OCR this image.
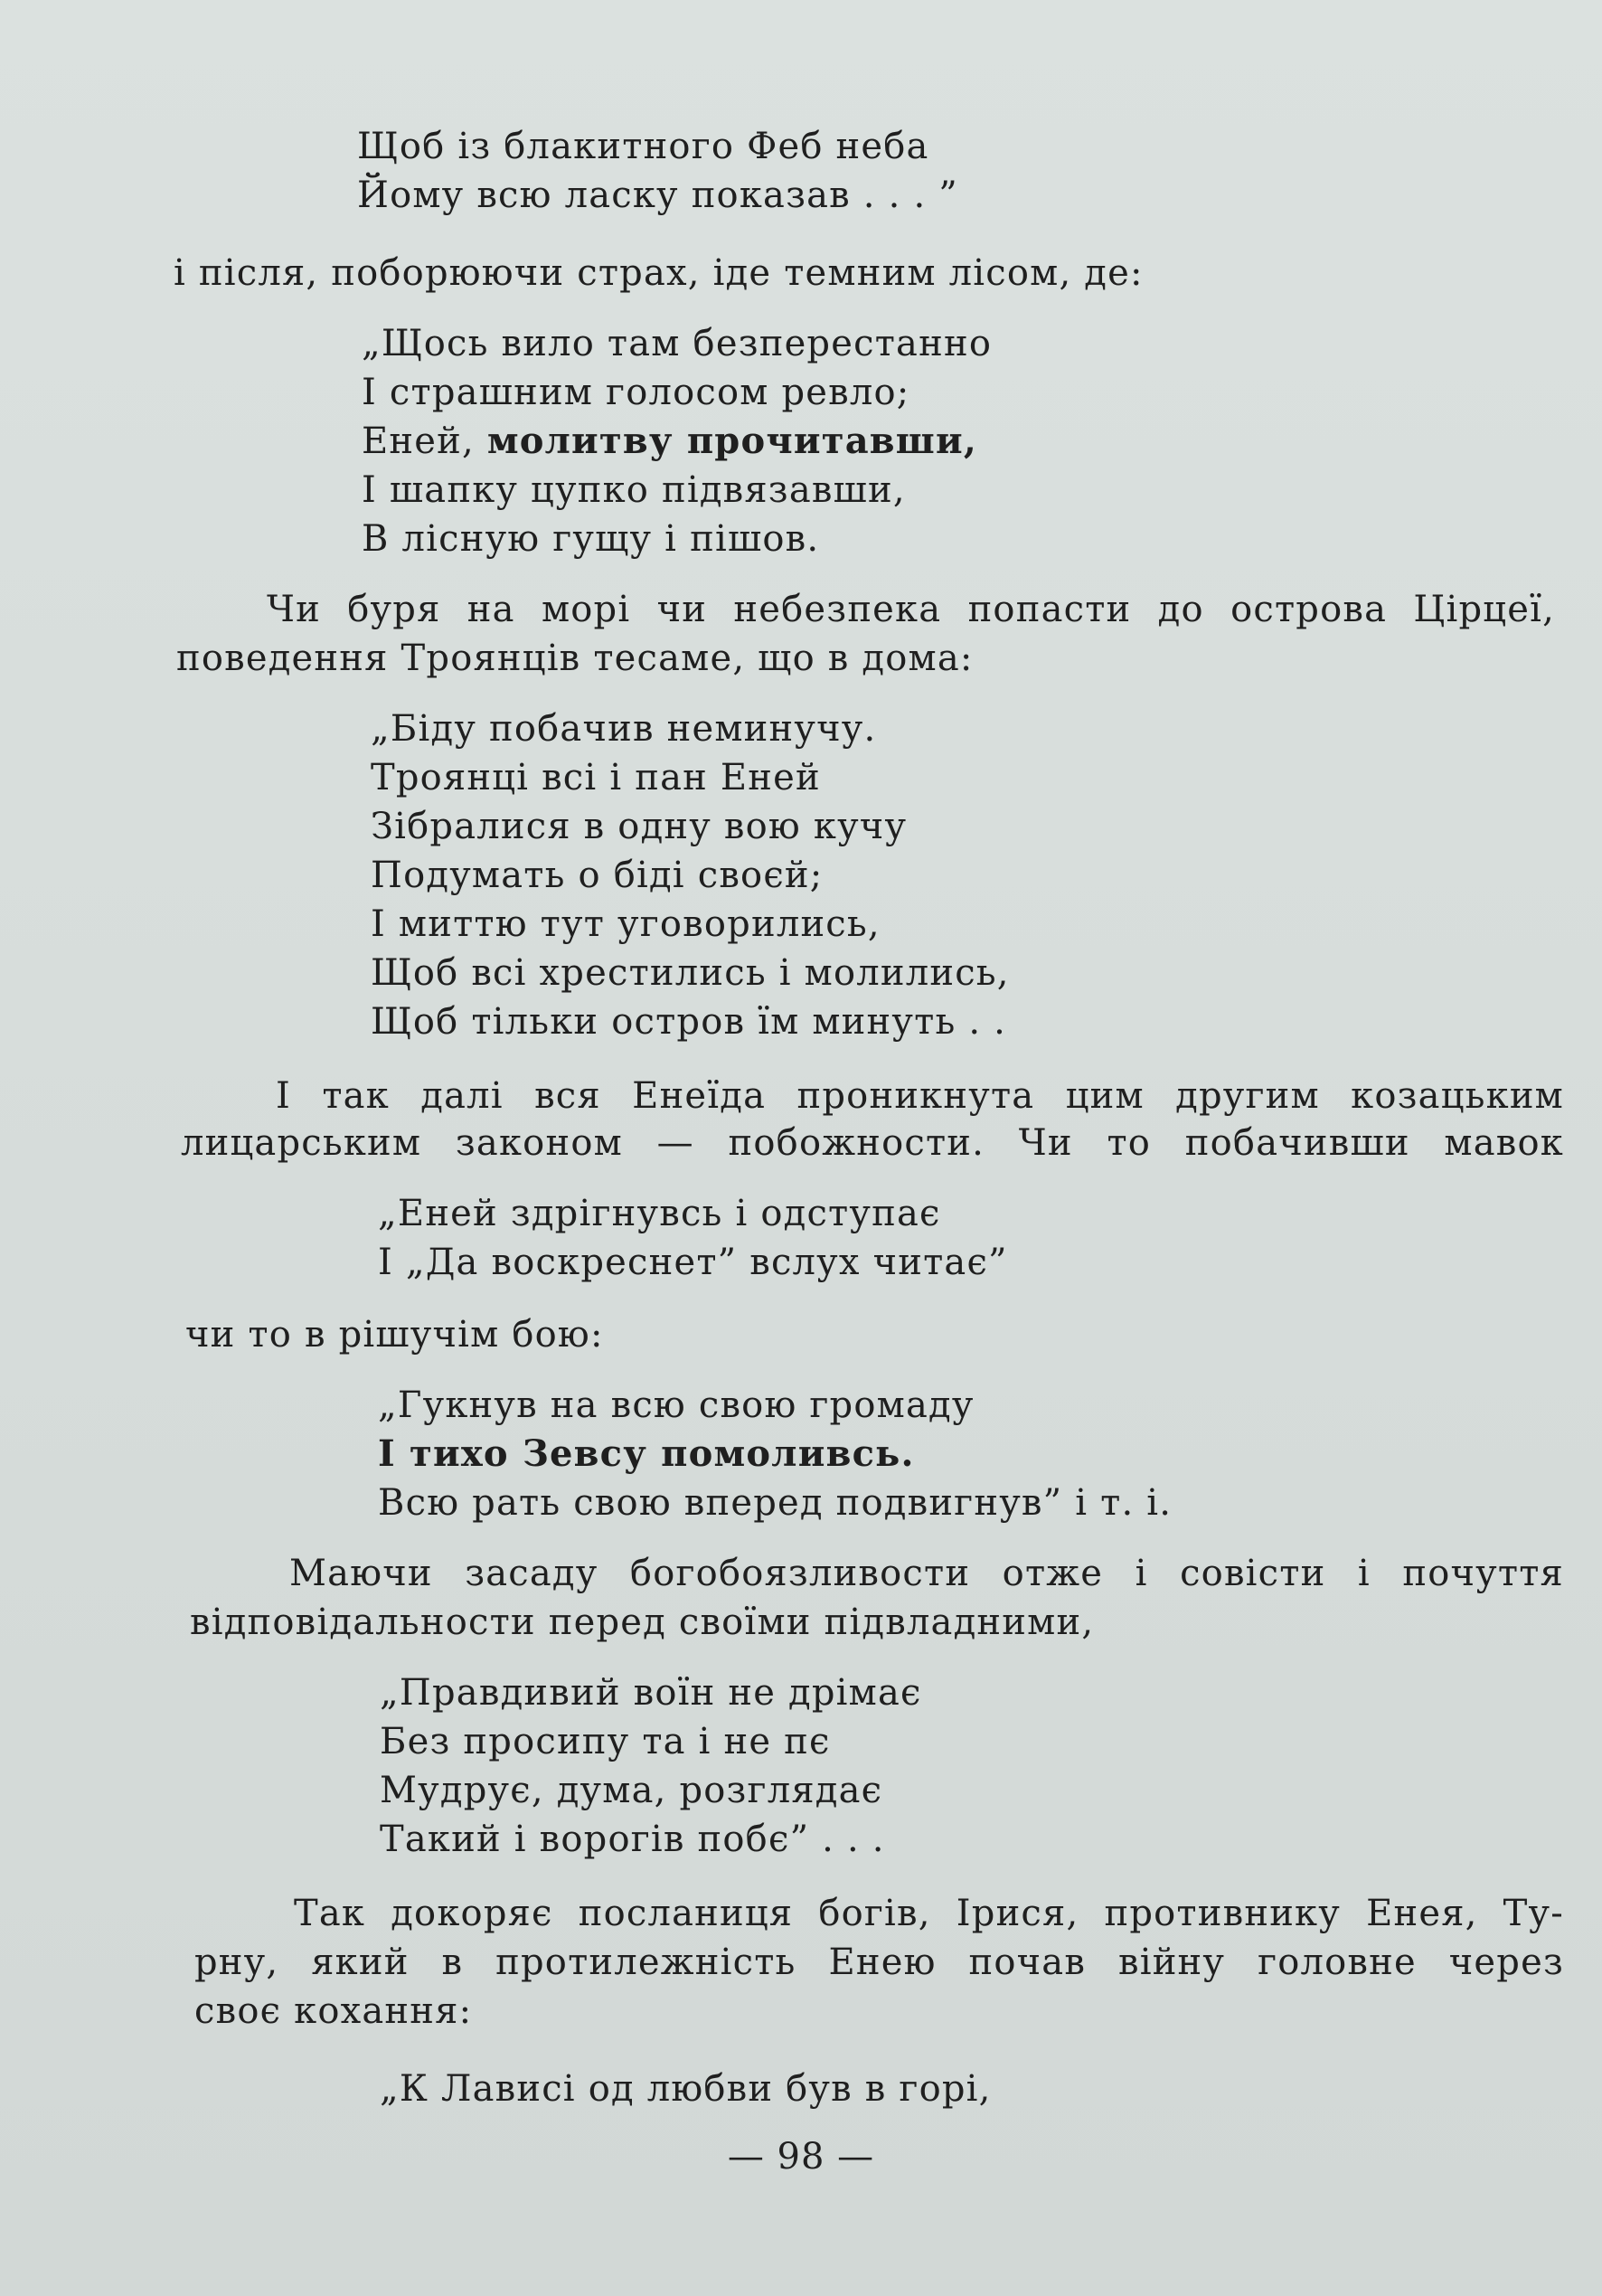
Щоб із блакитного Феб неба
Йому всю ласку показав . . . ”
і після, поборюючи страх, іде темним лісом, де:
„Щось вило там безперестанно
І страшним голосом ревло;
Еней, молитву прочитавши,
І шапку цупко підвязавши,
В лісную гущу і пішов.
Чи буря на морі чи небезпека попасти до острова Цірцеї,
поведення Троянців тесаме, що в дома:
„Біду побачив неминучу.
Троянці всі і пан Еней
Зібралися в одну вою кучу
Подумать о біді своєй;
І миттю тут уговорились,
Щоб всі хрестились і молились,
Щоб тільки остров їм минуть . .
І так далі вся Енеїда проникнута цим другим козацьким
лицарським законом — побожности. Чи то побачивши мавок
„Еней здрігнувсь і одступає
І „Да воскреснет” вслух читає”
чи то в рішучім бою:
„Гукнув на всю свою громаду
І тихо Зевсу помоливсь.
Всю рать свою вперед подвигнув” і т. і.
Маючи засаду богобоязливости отже і совісти і почуття
відповідальности перед своїми підвладними,
„Правдивий воїн не дрімає
Без просипу та і не пє
Мудрує, дума, розглядає
Такий і ворогів побє” . . .
Так докоряє посланиця богів, Ірися, противнику Енея, Ту-
рну, який в протилежність Енею почав війну головне через
своє кохання:
„К Лависі од любви був в горі,
— 98 —
